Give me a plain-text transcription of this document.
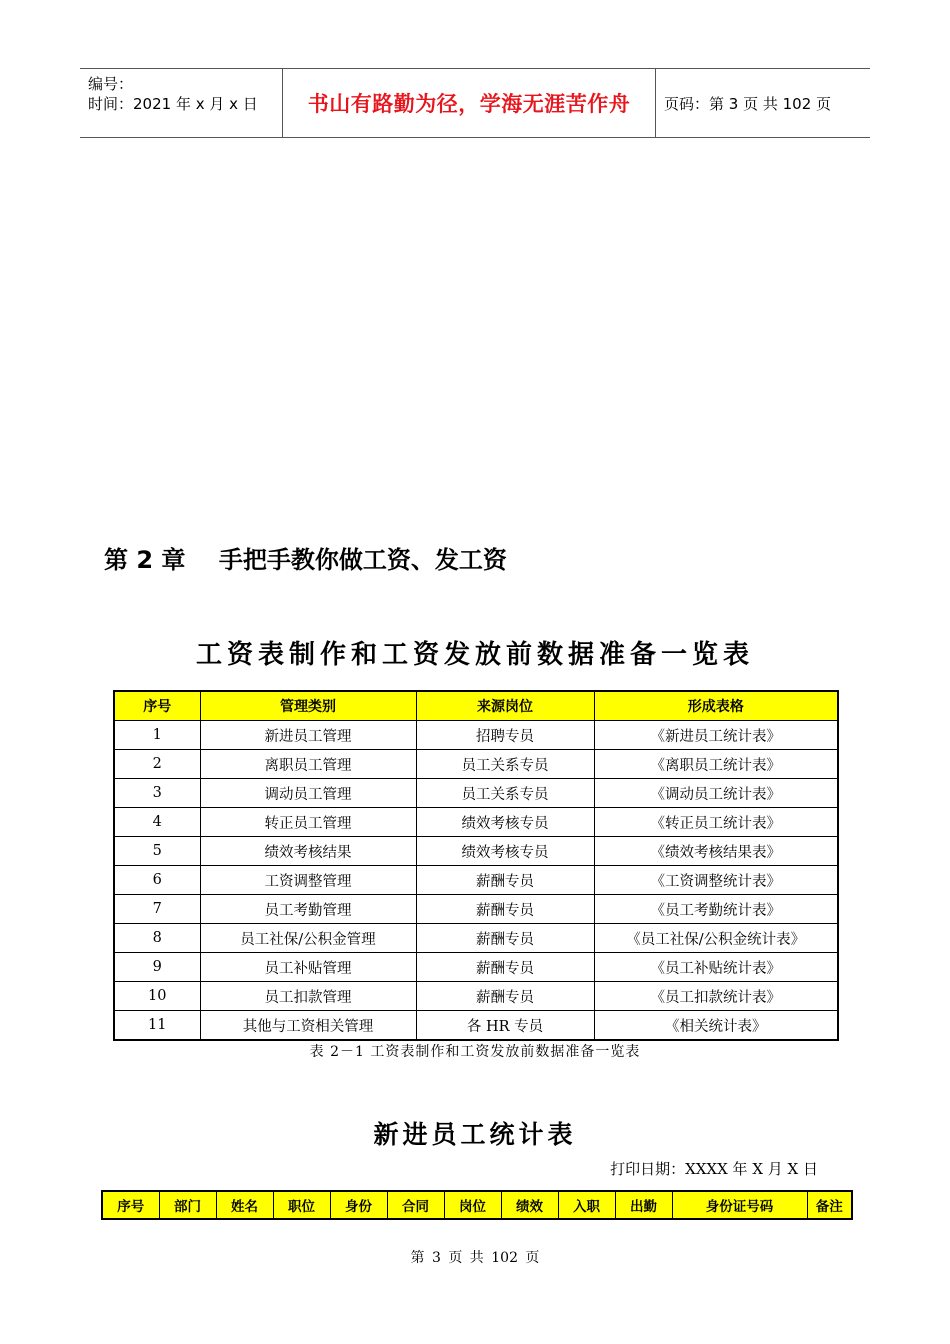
编号：
时间：2021 年 x 月 x 日 书山有路勤为径，学海无涯苦作舟	页码：第 3 页 共 102 页
第 2 章    手把手教你做工资、发工资
工资表制作和工资发放前数据准备一览表
序号	管理类别	来源岗位	形成表格
1	新进员工管理	招聘专员	《新进员工统计表》
2	离职员工管理	员工关系专员	《离职员工统计表》
3	调动员工管理	员工关系专员	《调动员工统计表》
4	转正员工管理	绩效考核专员	《转正员工统计表》
5	绩效考核结果	绩效考核专员	《绩效考核结果表》
6	工资调整管理	薪酬专员	《工资调整统计表》
7	员工考勤管理	薪酬专员	《员工考勤统计表》
8	员工社保/公积金管理	薪酬专员	《员工社保/公积金统计表》
9	员工补贴管理	薪酬专员	《员工补贴统计表》
10	员工扣款管理	薪酬专员	《员工扣款统计表》
11	其他与工资相关管理	各 HR 专员	《相关统计表》
表 2－1 工资表制作和工资发放前数据准备一览表
新进员工统计表
打印日期：XXXX 年 X 月 X 日
序号	部门	姓名	职位	身份	合同	岗位	绩效	入职	出勤	身份证号码	备注
第 3 页 共 102 页
